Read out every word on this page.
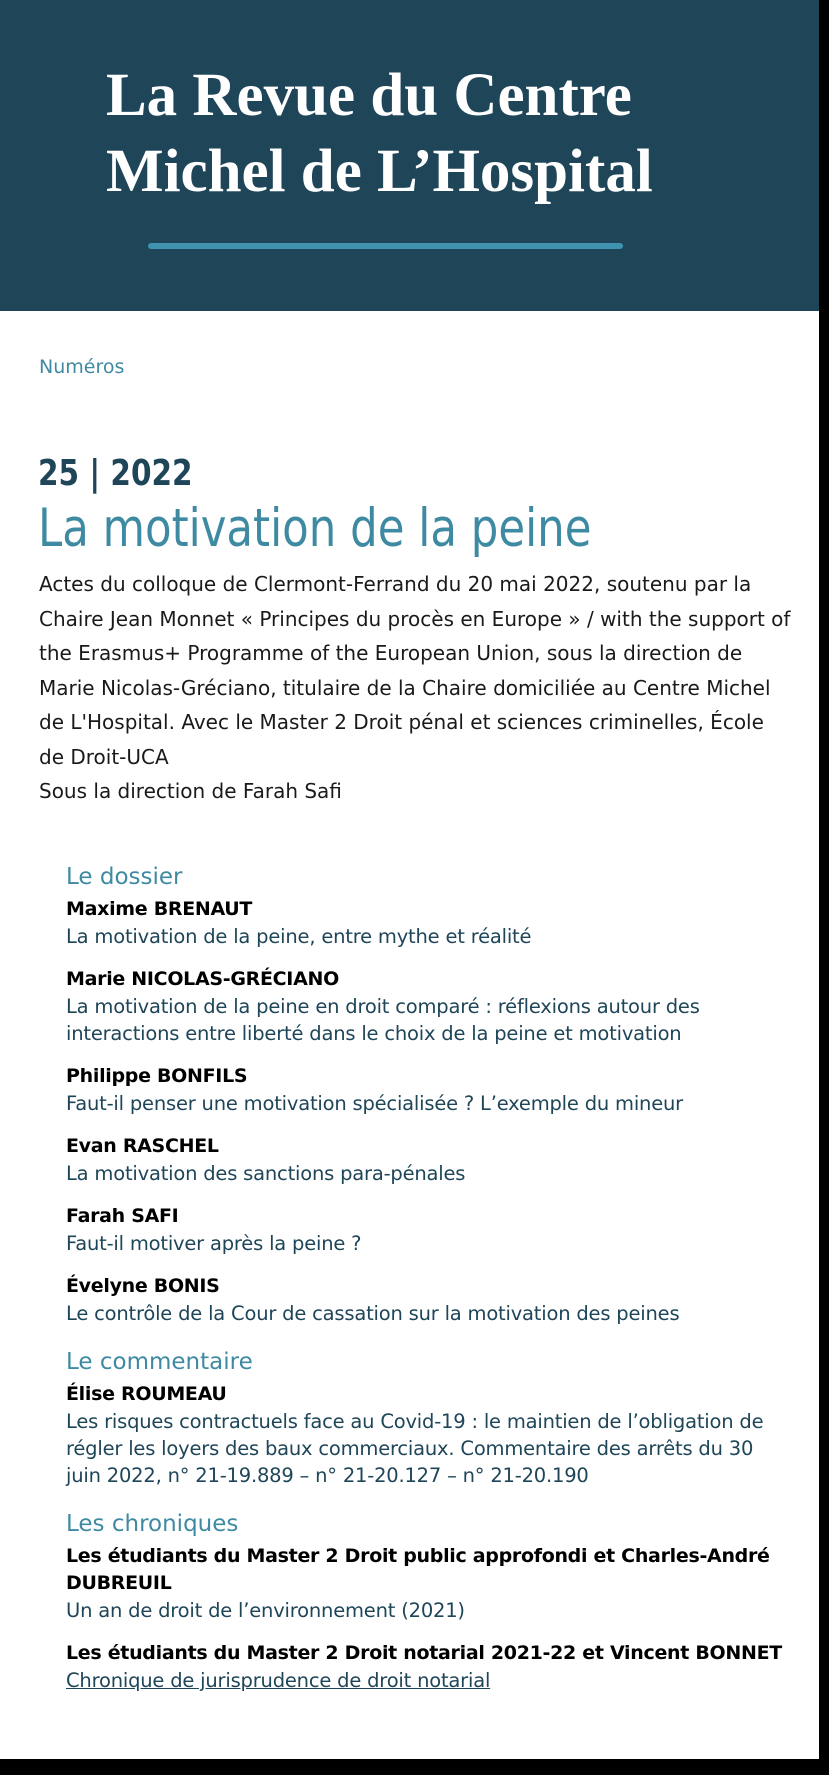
La Revue du Centre
Michel de L’Hospital
Numéros
25 | 2022
La motivation de la peine

Actes du colloque de Clermont-Ferrand du 20 mai 2022, soutenu par la Chaire Jean Monnet « Principes du procès en Europe » / with the support of the Erasmus+ Programme of the European Union, sous la direction de Marie Nicolas-Gréciano, titulaire de la Chaire domiciliée au Centre Michel de L'Hospital. Avec le Master 2 Droit pénal et sciences criminelles, École de Droit-UCA

Sous la direction de Farah Safi

Le dossier
Maxime BRENAUT
La motivation de la peine, entre mythe et réalité
Marie NICOLAS-GRÉCIANO
La motivation de la peine en droit comparé : réflexions autour des interactions entre liberté dans le choix de la peine et motivation
Philippe BONFILS
Faut-il penser une motivation spécialisée ? L’exemple du mineur
Evan RASCHEL
La motivation des sanctions para-pénales
Farah SAFI
Faut-il motiver après la peine ?
Évelyne BONIS
Le contrôle de la Cour de cassation sur la motivation des peines
Le commentaire
Élise ROUMEAU
Les risques contractuels face au Covid-19 : le maintien de l’obligation de régler les loyers des baux commerciaux. Commentaire des arrêts du 30 juin 2022, n° 21-19.889 – n° 21-20.127 – n° 21-20.190
Les chroniques
Les étudiants du Master 2 Droit public approfondi et Charles-André DUBREUIL
Un an de droit de l’environnement (2021)
Les étudiants du Master 2 Droit notarial 2021-22 et Vincent BONNET
Chronique de jurisprudence de droit notarial
